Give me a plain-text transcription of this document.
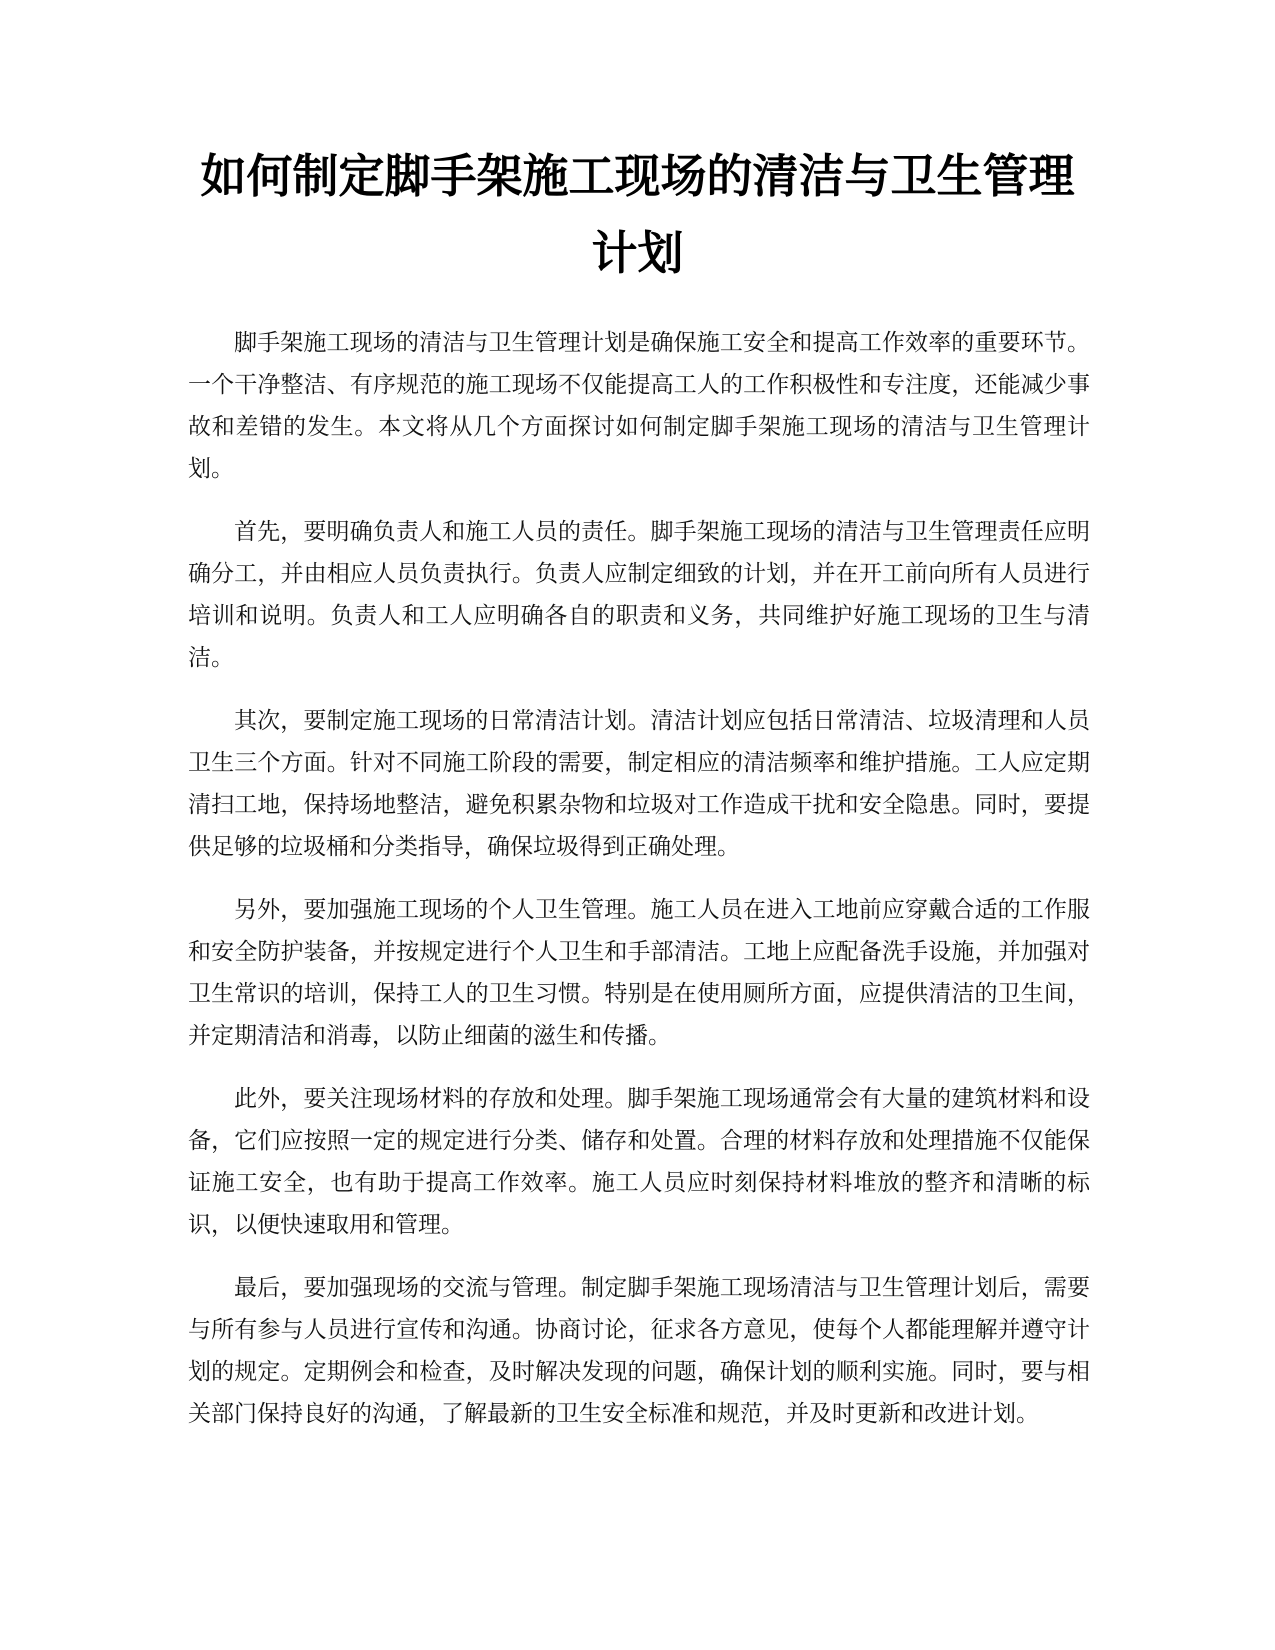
如何制定脚手架施工现场的清洁与卫生管理计划

脚手架施工现场的清洁与卫生管理计划是确保施工安全和提高工作效率的重要环节。一个干净整洁、有序规范的施工现场不仅能提高工人的工作积极性和专注度，还能减少事故和差错的发生。本文将从几个方面探讨如何制定脚手架施工现场的清洁与卫生管理计划。

首先，要明确负责人和施工人员的责任。脚手架施工现场的清洁与卫生管理责任应明确分工，并由相应人员负责执行。负责人应制定细致的计划，并在开工前向所有人员进行培训和说明。负责人和工人应明确各自的职责和义务，共同维护好施工现场的卫生与清洁。

其次，要制定施工现场的日常清洁计划。清洁计划应包括日常清洁、垃圾清理和人员卫生三个方面。针对不同施工阶段的需要，制定相应的清洁频率和维护措施。工人应定期清扫工地，保持场地整洁，避免积累杂物和垃圾对工作造成干扰和安全隐患。同时，要提供足够的垃圾桶和分类指导，确保垃圾得到正确处理。

另外，要加强施工现场的个人卫生管理。施工人员在进入工地前应穿戴合适的工作服和安全防护装备，并按规定进行个人卫生和手部清洁。工地上应配备洗手设施，并加强对卫生常识的培训，保持工人的卫生习惯。特别是在使用厕所方面，应提供清洁的卫生间，并定期清洁和消毒，以防止细菌的滋生和传播。

此外，要关注现场材料的存放和处理。脚手架施工现场通常会有大量的建筑材料和设备，它们应按照一定的规定进行分类、储存和处置。合理的材料存放和处理措施不仅能保证施工安全，也有助于提高工作效率。施工人员应时刻保持材料堆放的整齐和清晰的标识，以便快速取用和管理。

最后，要加强现场的交流与管理。制定脚手架施工现场清洁与卫生管理计划后，需要与所有参与人员进行宣传和沟通。协商讨论，征求各方意见，使每个人都能理解并遵守计划的规定。定期例会和检查，及时解决发现的问题，确保计划的顺利实施。同时，要与相关部门保持良好的沟通，了解最新的卫生安全标准和规范，并及时更新和改进计划。
